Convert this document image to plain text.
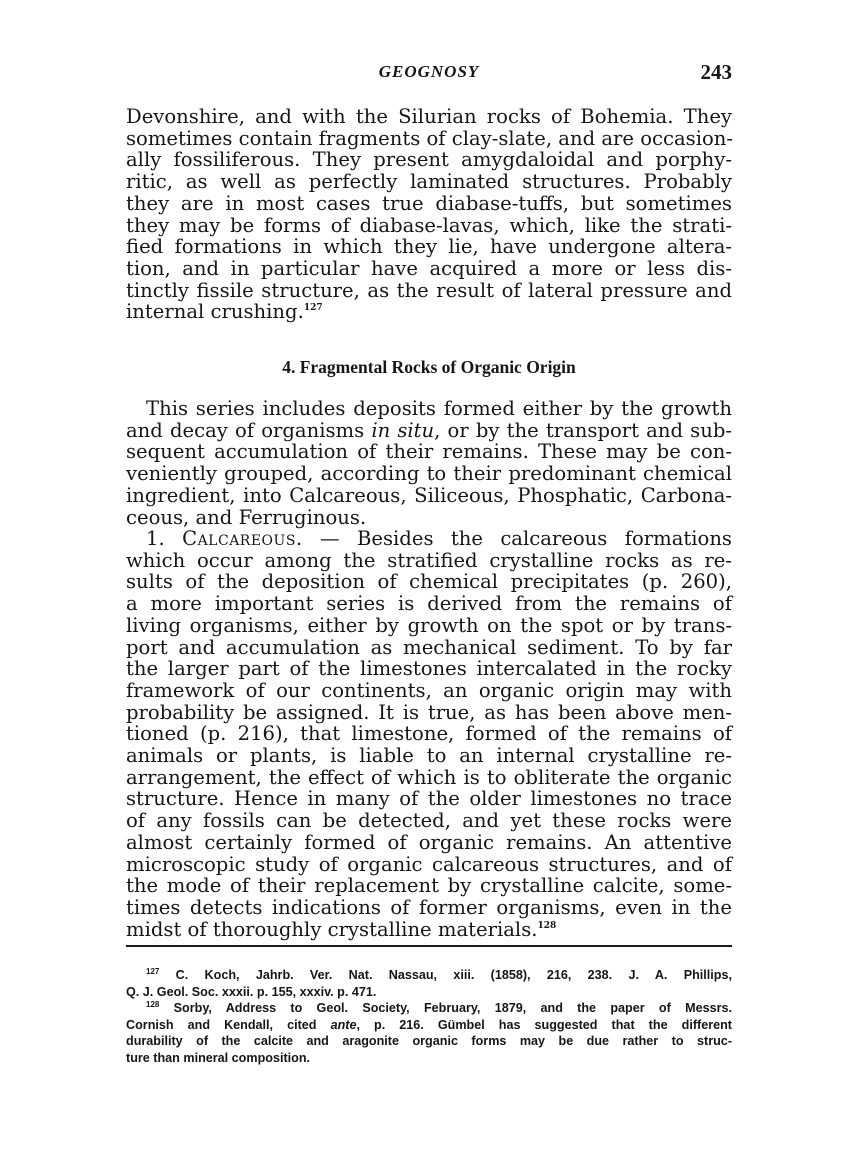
GEOGNOSY	243
Devonshire, and with the Silurian rocks of Bohemia. They
sometimes contain fragments of clay-slate, and are occasion-
ally fossiliferous. They present amygdaloidal and porphy-
ritic, as well as perfectly laminated structures. Probably
they are in most cases true diabase-tuffs, but sometimes
they may be forms of diabase-lavas, which, like the strati-
fied formations in which they lie, have undergone altera-
tion, and in particular have acquired a more or less dis-
tinctly fissile structure, as the result of lateral pressure and
internal crushing.$^{127}$
4. Fragmental Rocks of Organic Origin
This series includes deposits formed either by the growth
and decay of organisms in situ, or by the transport and sub-
sequent accumulation of their remains. These may be con-
veniently grouped, according to their predominant chemical
ingredient, into Calcareous, Siliceous, Phosphatic, Carbona-
ceous, and Ferruginous.
1. Calcareous. — Besides the calcareous formations
which occur among the stratified crystalline rocks as re-
sults of the deposition of chemical precipitates (p. 260),
a more important series is derived from the remains of
living organisms, either by growth on the spot or by trans-
port and accumulation as mechanical sediment. To by far
the larger part of the limestones intercalated in the rocky
framework of our continents, an organic origin may with
probability be assigned. It is true, as has been above men-
tioned (p. 216), that limestone, formed of the remains of
animals or plants, is liable to an internal crystalline re-
arrangement, the effect of which is to obliterate the organic
structure. Hence in many of the older limestones no trace
of any fossils can be detected, and yet these rocks were
almost certainly formed of organic remains. An attentive
microscopic study of organic calcareous structures, and of
the mode of their replacement by crystalline calcite, some-
times detects indications of former organisms, even in the
midst of thoroughly crystalline materials.$^{128}$
$^{127}$ C. Koch, Jahrb. Ver. Nat. Nassau, xiii. (1858), 216, 238. J. A. Phillips,
Q. J. Geol. Soc. xxxii. p. 155, xxxiv. p. 471.
$^{128}$ Sorby, Address to Geol. Society, February, 1879, and the paper of Messrs.
Cornish and Kendall, cited ante, p. 216. Gümbel has suggested that the different
durability of the calcite and aragonite organic forms may be due rather to struc-
ture than mineral composition.
